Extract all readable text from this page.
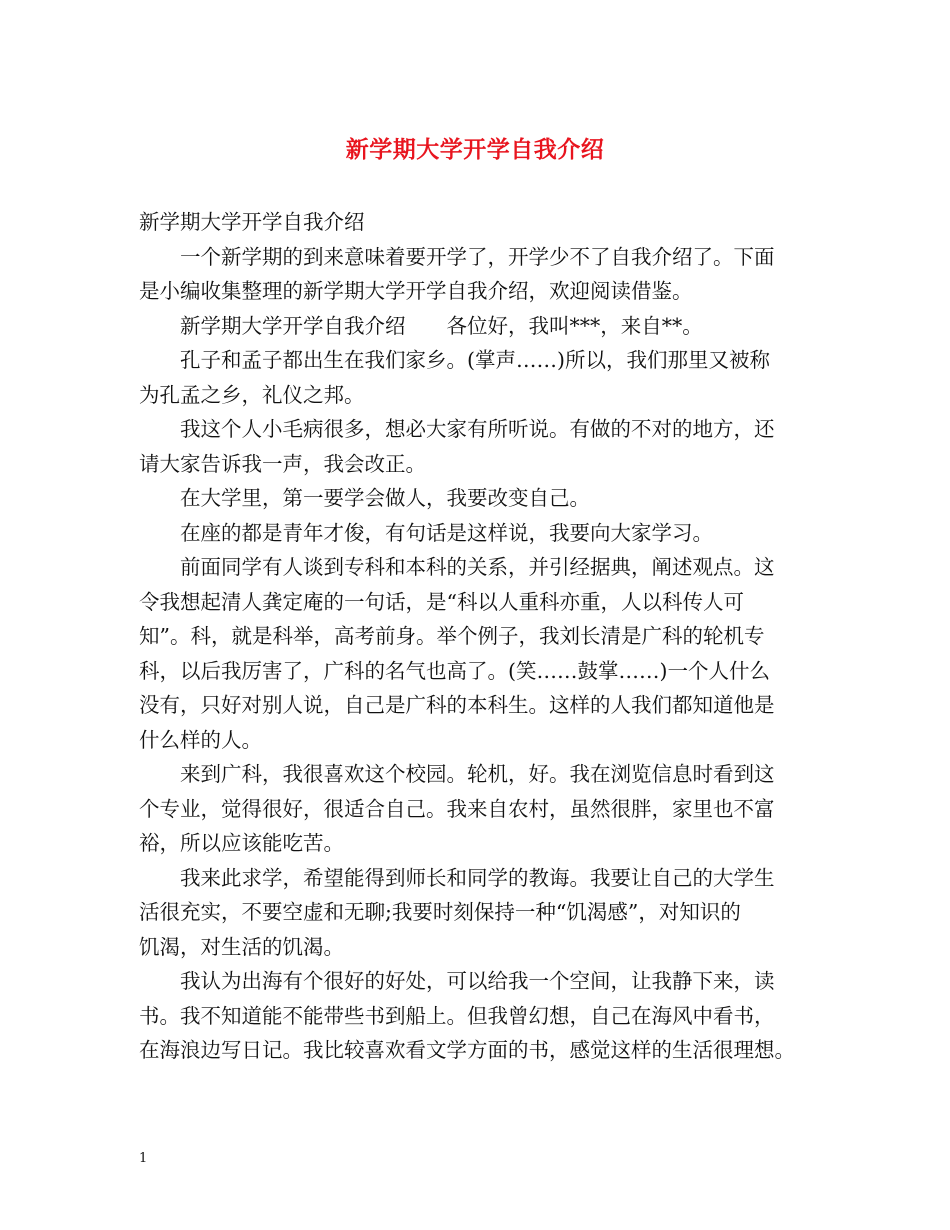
新学期大学开学自我介绍

新学期大学开学自我介绍

　　一个新学期的到来意味着要开学了，开学少不了自我介绍了。下面

是小编收集整理的新学期大学开学自我介绍，欢迎阅读借鉴。

　　新学期大学开学自我介绍　　各位好，我叫***，来自**。

　　孔子和孟子都出生在我们家乡。(掌声……)所以，我们那里又被称

为孔孟之乡，礼仪之邦。

　　我这个人小毛病很多，想必大家有所听说。有做的不对的地方，还

请大家告诉我一声，我会改正。

　　在大学里，第一要学会做人，我要改变自己。

　　在座的都是青年才俊，有句话是这样说，我要向大家学习。

　　前面同学有人谈到专科和本科的关系，并引经据典，阐述观点。这

令我想起清人龚定庵的一句话，是“科以人重科亦重，人以科传人可

知”。科，就是科举，高考前身。举个例子，我刘长清是广科的轮机专

科，以后我厉害了，广科的名气也高了。(笑……鼓掌……)一个人什么

没有，只好对别人说，自己是广科的本科生。这样的人我们都知道他是

什么样的人。

　　来到广科，我很喜欢这个校园。轮机，好。我在浏览信息时看到这

个专业，觉得很好，很适合自己。我来自农村，虽然很胖，家里也不富

裕，所以应该能吃苦。

　　我来此求学，希望能得到师长和同学的教诲。我要让自己的大学生

活很充实，不要空虚和无聊;我要时刻保持一种“饥渴感”，对知识的

饥渴，对生活的饥渴。

　　我认为出海有个很好的好处，可以给我一个空间，让我静下来，读

书。我不知道能不能带些书到船上。但我曾幻想，自己在海风中看书，

在海浪边写日记。我比较喜欢看文学方面的书，感觉这样的生活很理想。

1
